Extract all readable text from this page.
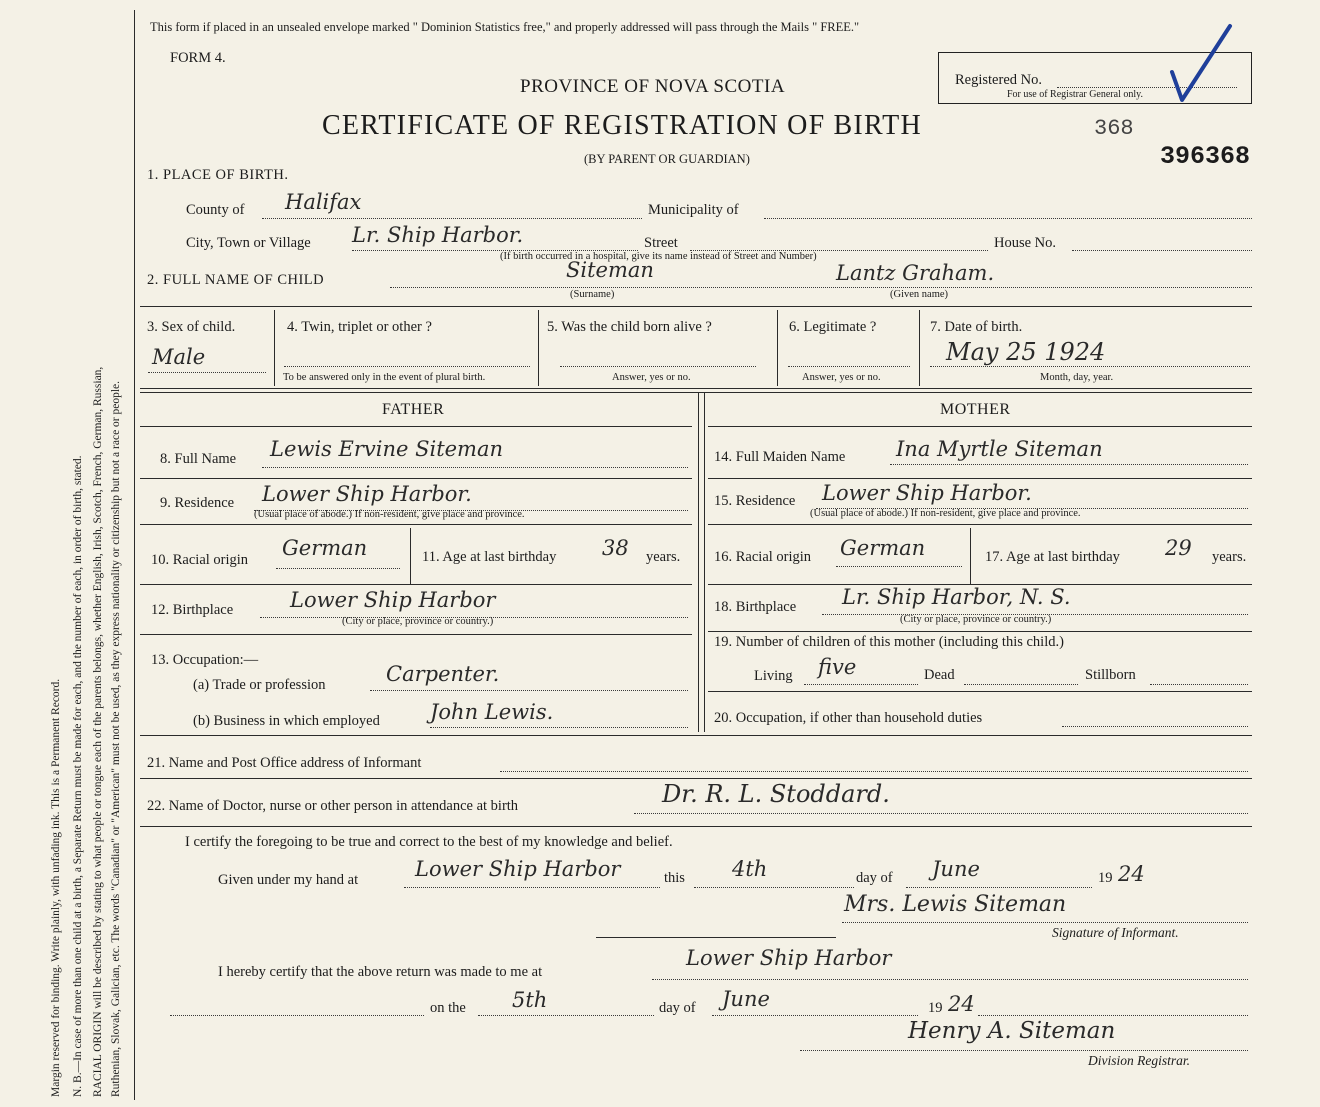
Margin reserved for binding. Write plainly, with unfading ink. This is a Permanent Record. N. B.—In case of more than one child at a birth, a Separate Return must be made for each, and the number of each, in order of birth, stated. RACIAL ORIGIN will be described by stating to what people or tongue each of the parents belongs, whether English, Irish, Scotch, French, German, Russian, Ruthenian, Slovak, Galician, etc. The words "Canadian" or "American" must not be used, as they express nationality or citizenship but not a race or people.
This form if placed in an unsealed envelope marked " Dominion Statistics free," and properly addressed will pass through the Mails " FREE."
FORM 4.
PROVINCE OF NOVA SCOTIA
CERTIFICATE OF REGISTRATION OF BIRTH	368
(BY PARENT OR GUARDIAN)	396368
Registered No.
For use of Registrar General only.
1. PLACE OF BIRTH.
County of Halifax	Municipality of
City, Town or Village Lr. Ship Harbor.	Street	House No.
(If birth occurred in a hospital, give its name instead of Street and Number)
2. FULL NAME OF CHILD	Siteman	Lantz Graham.
(Surname)	(Given name)
3. Sex of child.
Male
4. Twin, triplet or other ?
To be answered only in the event of plural birth.
5. Was the child born alive ?
Answer, yes or no.
6. Legitimate ?
Answer, yes or no.
7. Date of birth.
May 25 1924
Month, day, year.
FATHER
8. Full Name Lewis Ervine Siteman
9. Residence Lower Ship Harbor.
(Usual place of abode.) If non-resident, give place and province.
10. Racial origin German	11. Age at last birthday 38 years.
12. Birthplace	Lower Ship Harbor
(City or place, province or country.)
13. Occupation:—
(a) Trade or profession	Carpenter.
(b) Business in which employed John Lewis.
MOTHER
14. Full Maiden Name Ina Myrtle Siteman
15. Residence Lower Ship Harbor.
(Usual place of abode.) If non-resident, give place and province.
16. Racial origin German	17. Age at last birthday 29 years.
18. Birthplace Lr. Ship Harbor, N. S.
(City or place, province or country.)
19. Number of children of this mother (including this child.)
Living five	Dead	Stillborn
20. Occupation, if other than household duties
21. Name and Post Office address of Informant
22. Name of Doctor, nurse or other person in attendance at birth	Dr. R. L. Stoddard.
I certify the foregoing to be true and correct to the best of my knowledge and belief.
Given under my hand at	Lower Ship Harbor	this 4th	day of June	19 24
Mrs. Lewis Siteman
Signature of Informant.
I hereby certify that the above return was made to me at
Lower Ship Harbor
on the 5th	day of June	19 24
Henry A. Siteman
Division Registrar.
